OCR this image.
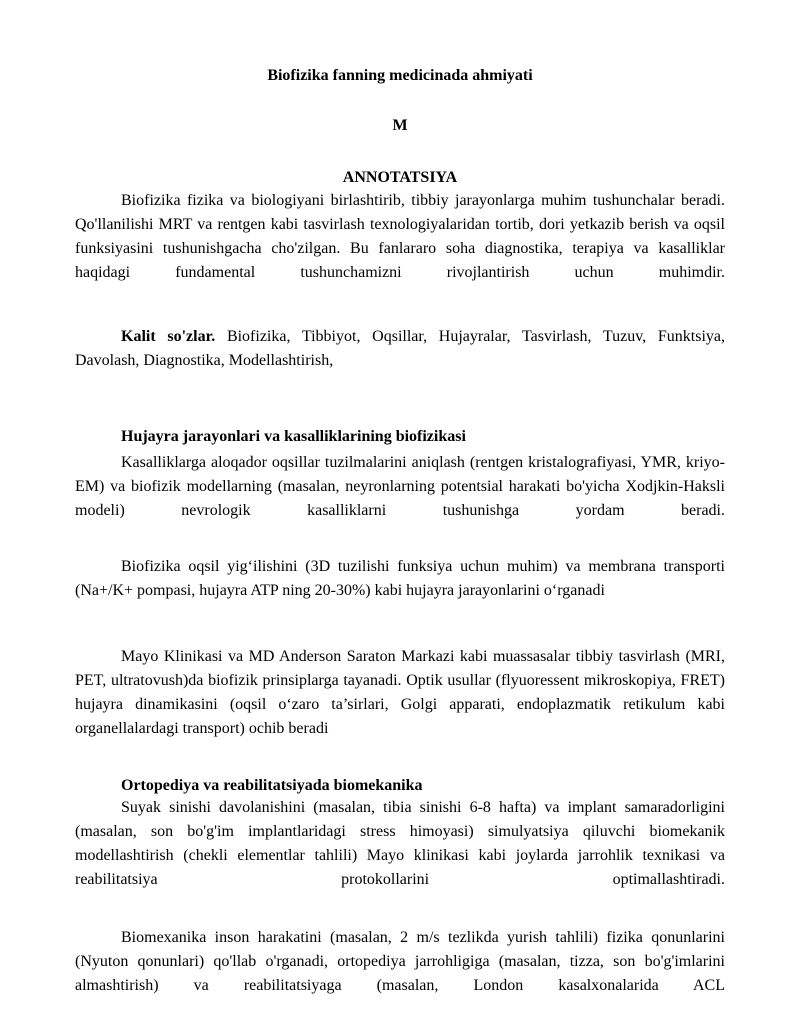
Biofizika fanning medicinada ahmiyati
M
ANNOTATSIYA

Biofizika fizika va biologiyani birlashtirib, tibbiy jarayonlarga muhim tushunchalar beradi. Qo'llanilishi MRT va rentgen kabi tasvirlash texnologiyalaridan tortib, dori yetkazib berish va oqsil funksiyasini tushunishgacha cho'zilgan. Bu fanlararo soha diagnostika, terapiya va kasalliklar haqidagi fundamental tushunchamizni rivojlantirish uchun muhimdir.

Kalit so'zlar. Biofizika, Tibbiyot, Oqsillar, Hujayralar, Tasvirlash, Tuzuv, Funktsiya, Davolash, Diagnostika, Modellashtirish,

Hujayra jarayonlari va kasalliklarining biofizikasi

Kasalliklarga aloqador oqsillar tuzilmalarini aniqlash (rentgen kristalografiyasi, YMR, kriyo-EM) va biofizik modellarning (masalan, neyronlarning potentsial harakati bo'yicha Xodjkin-Haksli modeli) nevrologik kasalliklarni tushunishga yordam beradi.

Biofizika oqsil yig‘ilishini (3D tuzilishi funksiya uchun muhim) va membrana transporti (Na+/K+ pompasi, hujayra ATP ning 20-30%) kabi hujayra jarayonlarini o‘rganadi

Mayo Klinikasi va MD Anderson Saraton Markazi kabi muassasalar tibbiy tasvirlash (MRI, PET, ultratovush)da biofizik prinsiplarga tayanadi. Optik usullar (flyuoressent mikroskopiya, FRET) hujayra dinamikasini (oqsil o‘zaro ta’sirlari, Golgi apparati, endoplazmatik retikulum kabi organellalardagi transport) ochib beradi

Ortopediya va reabilitatsiyada biomekanika

Suyak sinishi davolanishini (masalan, tibia sinishi 6-8 hafta) va implant samaradorligini (masalan, son bo'g'im implantlaridagi stress himoyasi) simulyatsiya qiluvchi biomekanik modellashtirish (chekli elementlar tahlili) Mayo klinikasi kabi joylarda jarrohlik texnikasi va reabilitatsiya protokollarini optimallashtiradi.

Biomexanika inson harakatini (masalan, 2 m/s tezlikda yurish tahlili) fizika qonunlarini (Nyuton qonunlari) qo'llab o'rganadi, ortopediya jarrohligiga (masalan, tizza, son bo'g'imlarini almashtirish) va reabilitatsiyaga (masalan, London kasalxonalarida ACL
